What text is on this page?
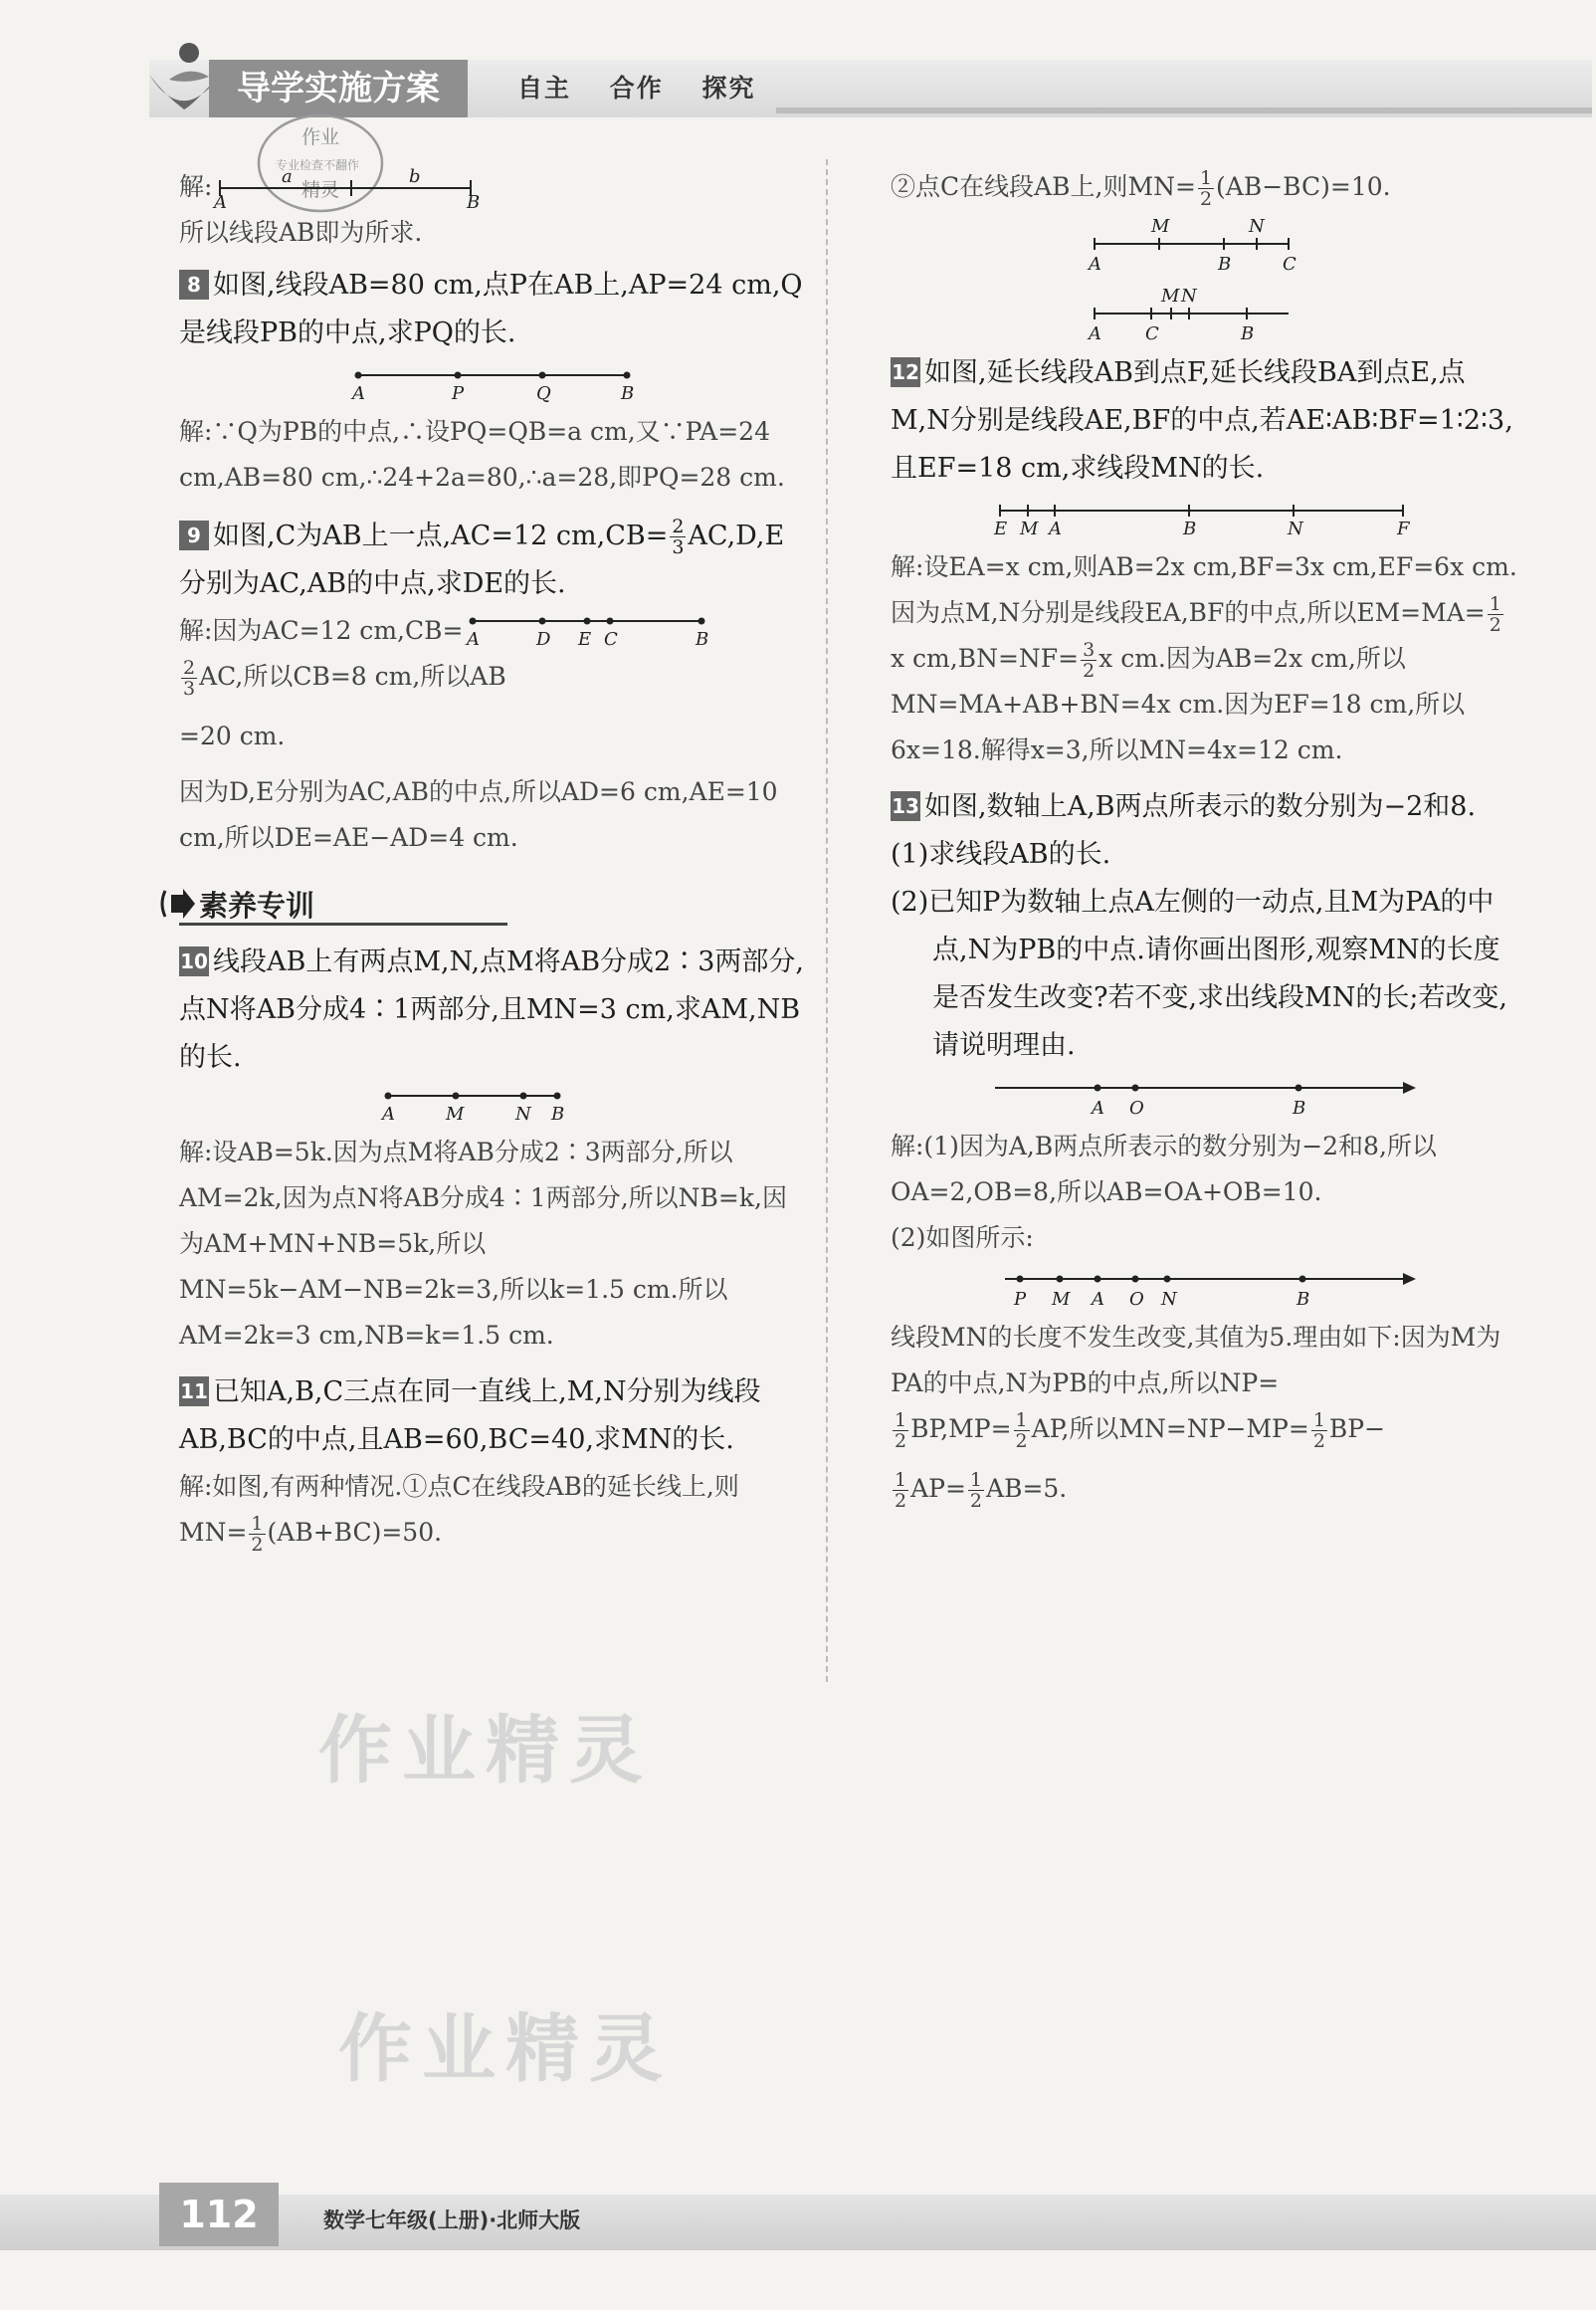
导学实施方案	自主 合作 探究
作业
专业检查不翻作
精灵
解:
A
a	b
B

所以线段AB即为所求.

8 如图,线段AB=80 cm,点P在AB上,AP=24 cm,Q是线段PB的中点,求PQ的长.

A	P	Q	B

解:∵Q为PB的中点,∴设PQ=QB=a cm,又∵PA=24 cm,AB=80 cm,∴24+2a=80,∴a=28,即PQ=28 cm.

9 如图,C为AB上一点,AC=12 $cm,CB= \frac{2}{3} AC,D,E$分别为AC,AB的中点,求DE的长.

解:因为AC=12 cm,CB= A	D E C	B

$\frac{2}{3}$ AC,所以CB=8 cm,所以AB

=20 cm.

因为D,E分别为AC,AB的中点,所以AD=6 cm,AE=10 cm,所以DE=AE−AD=4 cm.

素养专训

10 线段AB上有两点M,N,点M将AB分成2∶3两部分,点N将AB分成4∶1两部分,且MN=3 cm,求AM,NB的长.

A	M	N B

解:设AB=5k.因为点M将AB分成2∶3两部分,所以AM=2k,因为点N将AB分成4∶1两部分,所以NB=k,因为AM+MN+NB=5k,所以MN=5k−AM−NB=2k=3,所以k=1.5 cm.所以AM=2k=3 cm,NB=k=1.5 cm.

11 已知A,B,C三点在同一直线上,M,N分别为线段AB,BC的中点,且AB=60,BC=40,求MN的长.

解:如图,有两种情况.①点C在线段AB的延长线上,则$MN= \frac{1}{2} (AB+BC)=50$.

②点C在线段AB上,则$MN= \frac{1}{2} (AB-BC)=10$.

M	N
A	B	C
M N
A C	B

12 如图,延长线段AB到点F,延长线段BA到点E,点M,N分别是线段AE,BF的中点,若AE∶AB∶BF=1∶2∶3,且EF=18 cm,求线段MN的长.

E M A	B	N	F

解:设EA=x cm,则AB=2x cm,BF=3x cm,EF=6x cm.因为点M,N分别是线段EA,BF的中点,所以$EM=MA= \frac{1}{2}$
x $cm,BN=NF= \frac{3}{2}$ x cm.因为AB=2x cm,所以MN=MA+AB+BN=4x cm.因为EF=18 cm,所以6x=18.解得x=3,所以MN=4x=12 cm.

13 如图,数轴上A,B两点所表示的数分别为−2和8.

(1)求线段AB的长.

(2)已知P为数轴上点A左侧的一动点,且M为PA的中点,N为PB的中点.请你画出图形,观察MN的长度是否发生改变?若不变,求出线段MN的长;若改变,请说明理由.

A O	B

解:(1)因为A,B两点所表示的数分别为−2和8,所以OA=2,OB=8,所以AB=OA+OB=10.

(2)如图所示:

P M A O N	B

线段MN的长度不发生改变,其值为5.理由如下:因为M为PA的中点,N为PB的中点,所以NP=

$\frac{1}{2} BP,MP= \frac{1}{2}$ AP,所以$MN=NP-MP= \frac{1}{2} BP-$

$\frac{1}{2} AP= \frac{1}{2} AB=5$.

作业精灵
作业精灵
112	数学七年级(上册)·北师大版
